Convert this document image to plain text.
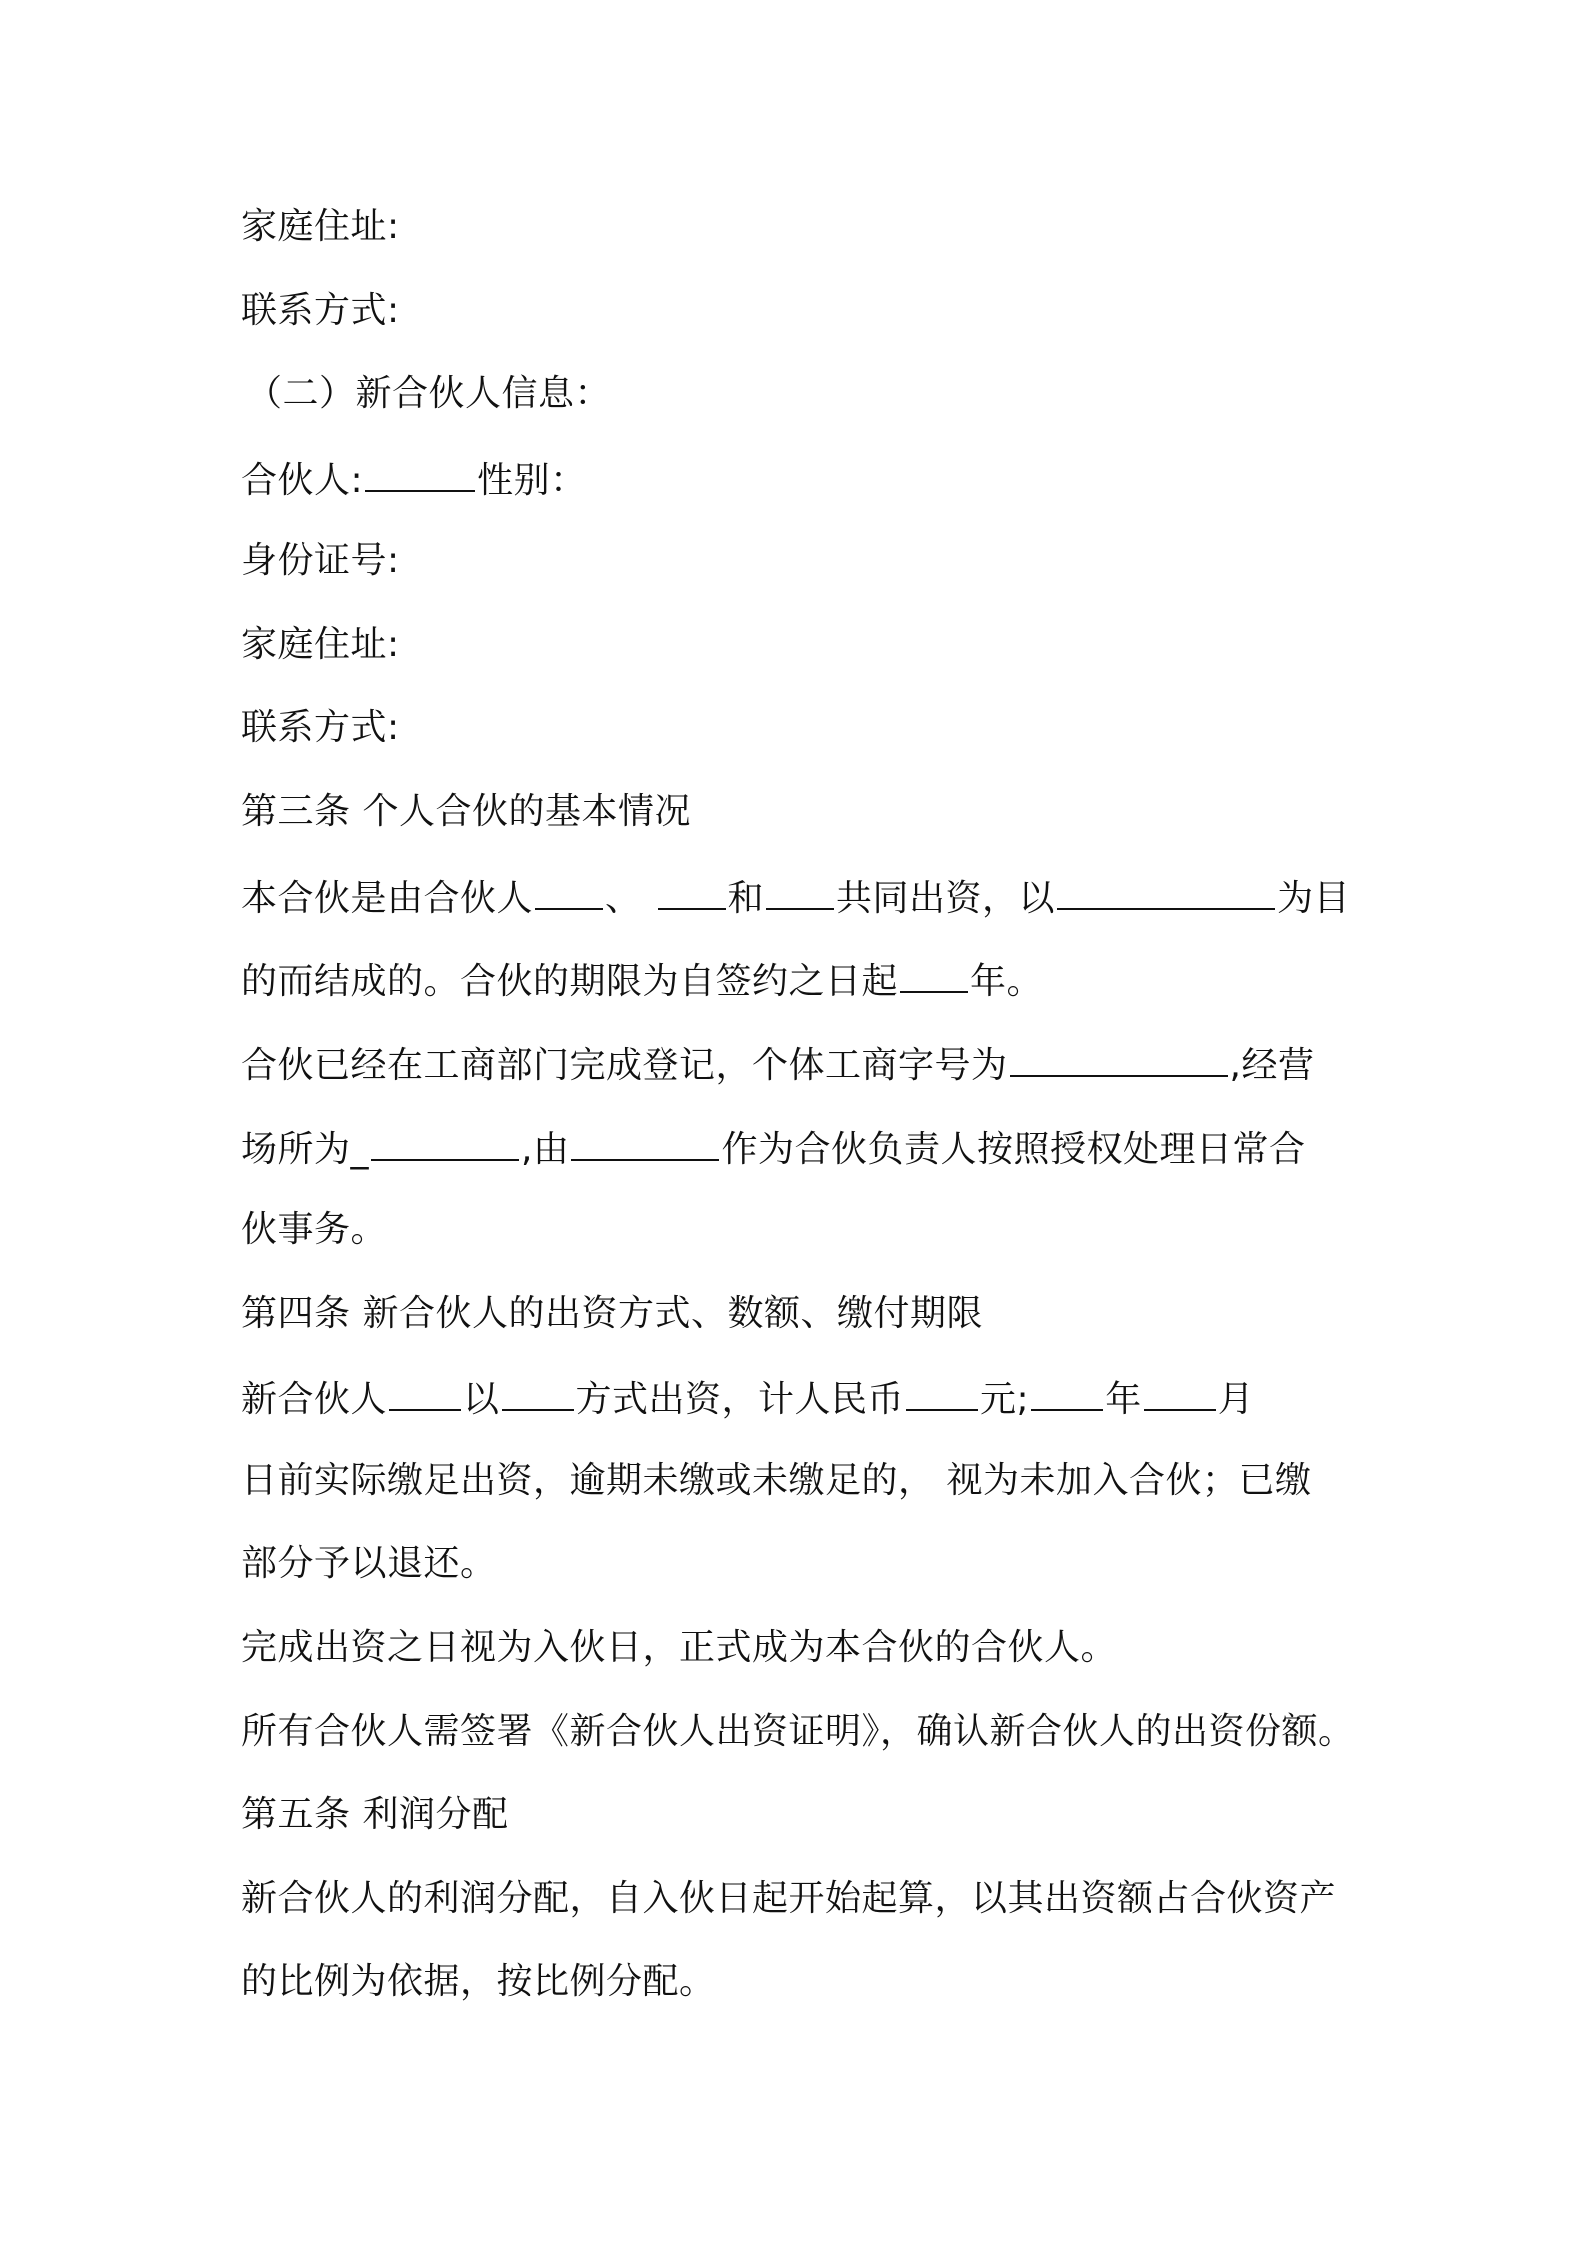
家庭住址:
联系方式:
（二）新合伙人信息：
合伙人:	性别：
身份证号:
家庭住址:
联系方式:
第三条 个人合伙的基本情况
本合伙是由合伙人 、 和 共同出资，以	为目
的而结成的。合伙的期限为自签约之日起 年。
合伙已经在工商部门完成登记，个体工商字号为	,经营
场所为_	,由	作为合伙负责人按照授权处理日常合
伙事务。
第四条 新合伙人的出资方式、数额、缴付期限
新合伙人 以 方式出资，计人民币 元; 年 月
日前实际缴足出资，逾期未缴或未缴足的， 视为未加入合伙；已缴
部分予以退还。
完成出资之日视为入伙日，正式成为本合伙的合伙人。
所有合伙人需签署《新合伙人出资证明》，确认新合伙人的出资份额。
第五条 利润分配
新合伙人的利润分配，自入伙日起开始起算，以其出资额占合伙资产
的比例为依据，按比例分配。
